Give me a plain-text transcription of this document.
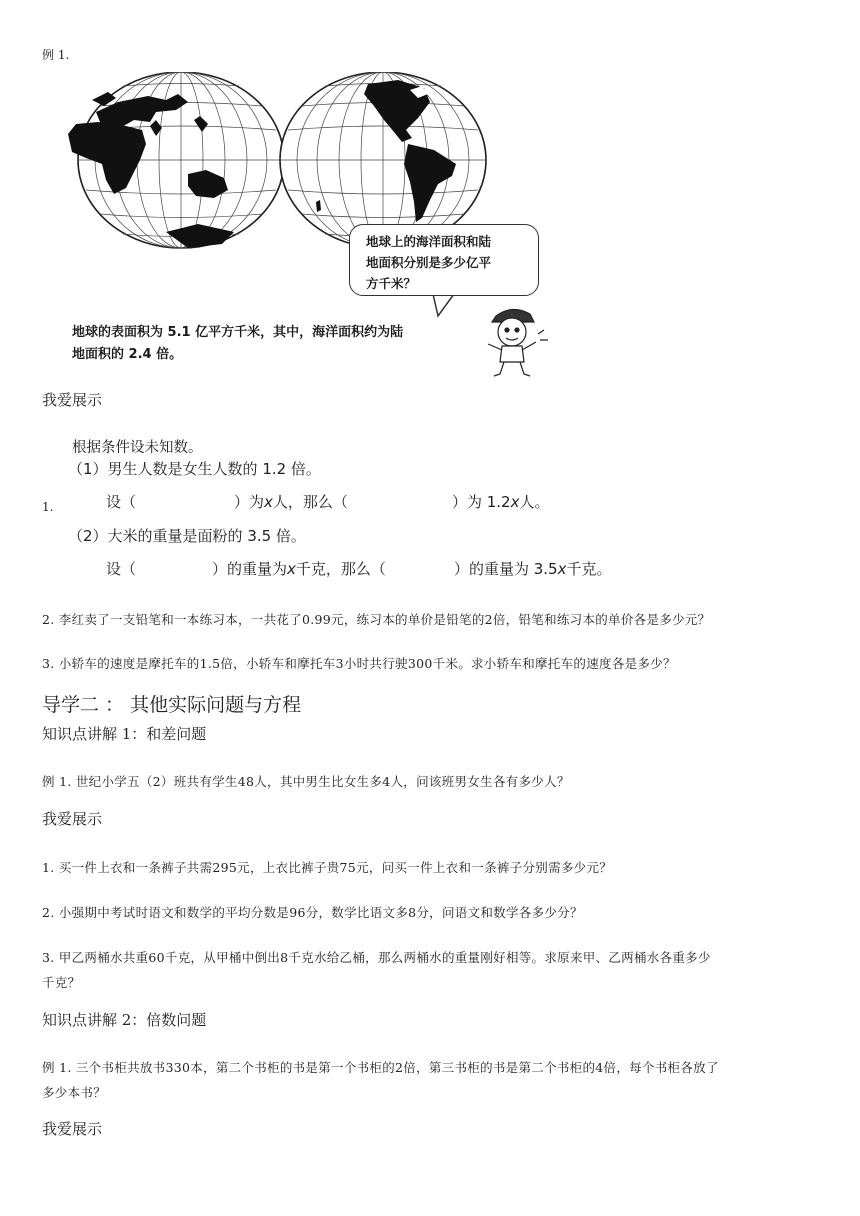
例 1.
地球上的海洋面积和陆
地面积分别是多少亿平
方千米？
地球的表面积为 5.1 亿平方千米，其中，海洋面积约为陆
地面积的 2.4 倍。
我爱展示
1.
根据条件设未知数。
（1）男生人数是女生人数的 1.2 倍。
设（	）为x人，那么（	）为 1.2x人。
（2）大米的重量是面粉的 3.5 倍。
设（	）的重量为x千克，那么（	）的重量为 3.5x千克。
2. 李红卖了一支铅笔和一本练习本，一共花了0.99元，练习本的单价是铅笔的2倍，铅笔和练习本的单价各是多少元？
3. 小轿车的速度是摩托车的1.5倍，小轿车和摩托车3小时共行驶300千米。求小轿车和摩托车的速度各是多少？
导学二 ： 其他实际问题与方程
知识点讲解 1：和差问题
例 1. 世纪小学五（2）班共有学生48人，其中男生比女生多4人，问该班男女生各有多少人？
我爱展示
1. 买一件上衣和一条裤子共需295元，上衣比裤子贵75元，问买一件上衣和一条裤子分别需多少元？
2. 小强期中考试时语文和数学的平均分数是96分，数学比语文多8分，问语文和数学各多少分？
3. 甲乙两桶水共重60千克，从甲桶中倒出8千克水给乙桶，那么两桶水的重量刚好相等。求原来甲、乙两桶水各重多少
千克？
知识点讲解 2：倍数问题
例 1. 三个书柜共放书330本，第二个书柜的书是第一个书柜的2倍，第三书柜的书是第二个书柜的4倍，每个书柜各放了
多少本书？
我爱展示
